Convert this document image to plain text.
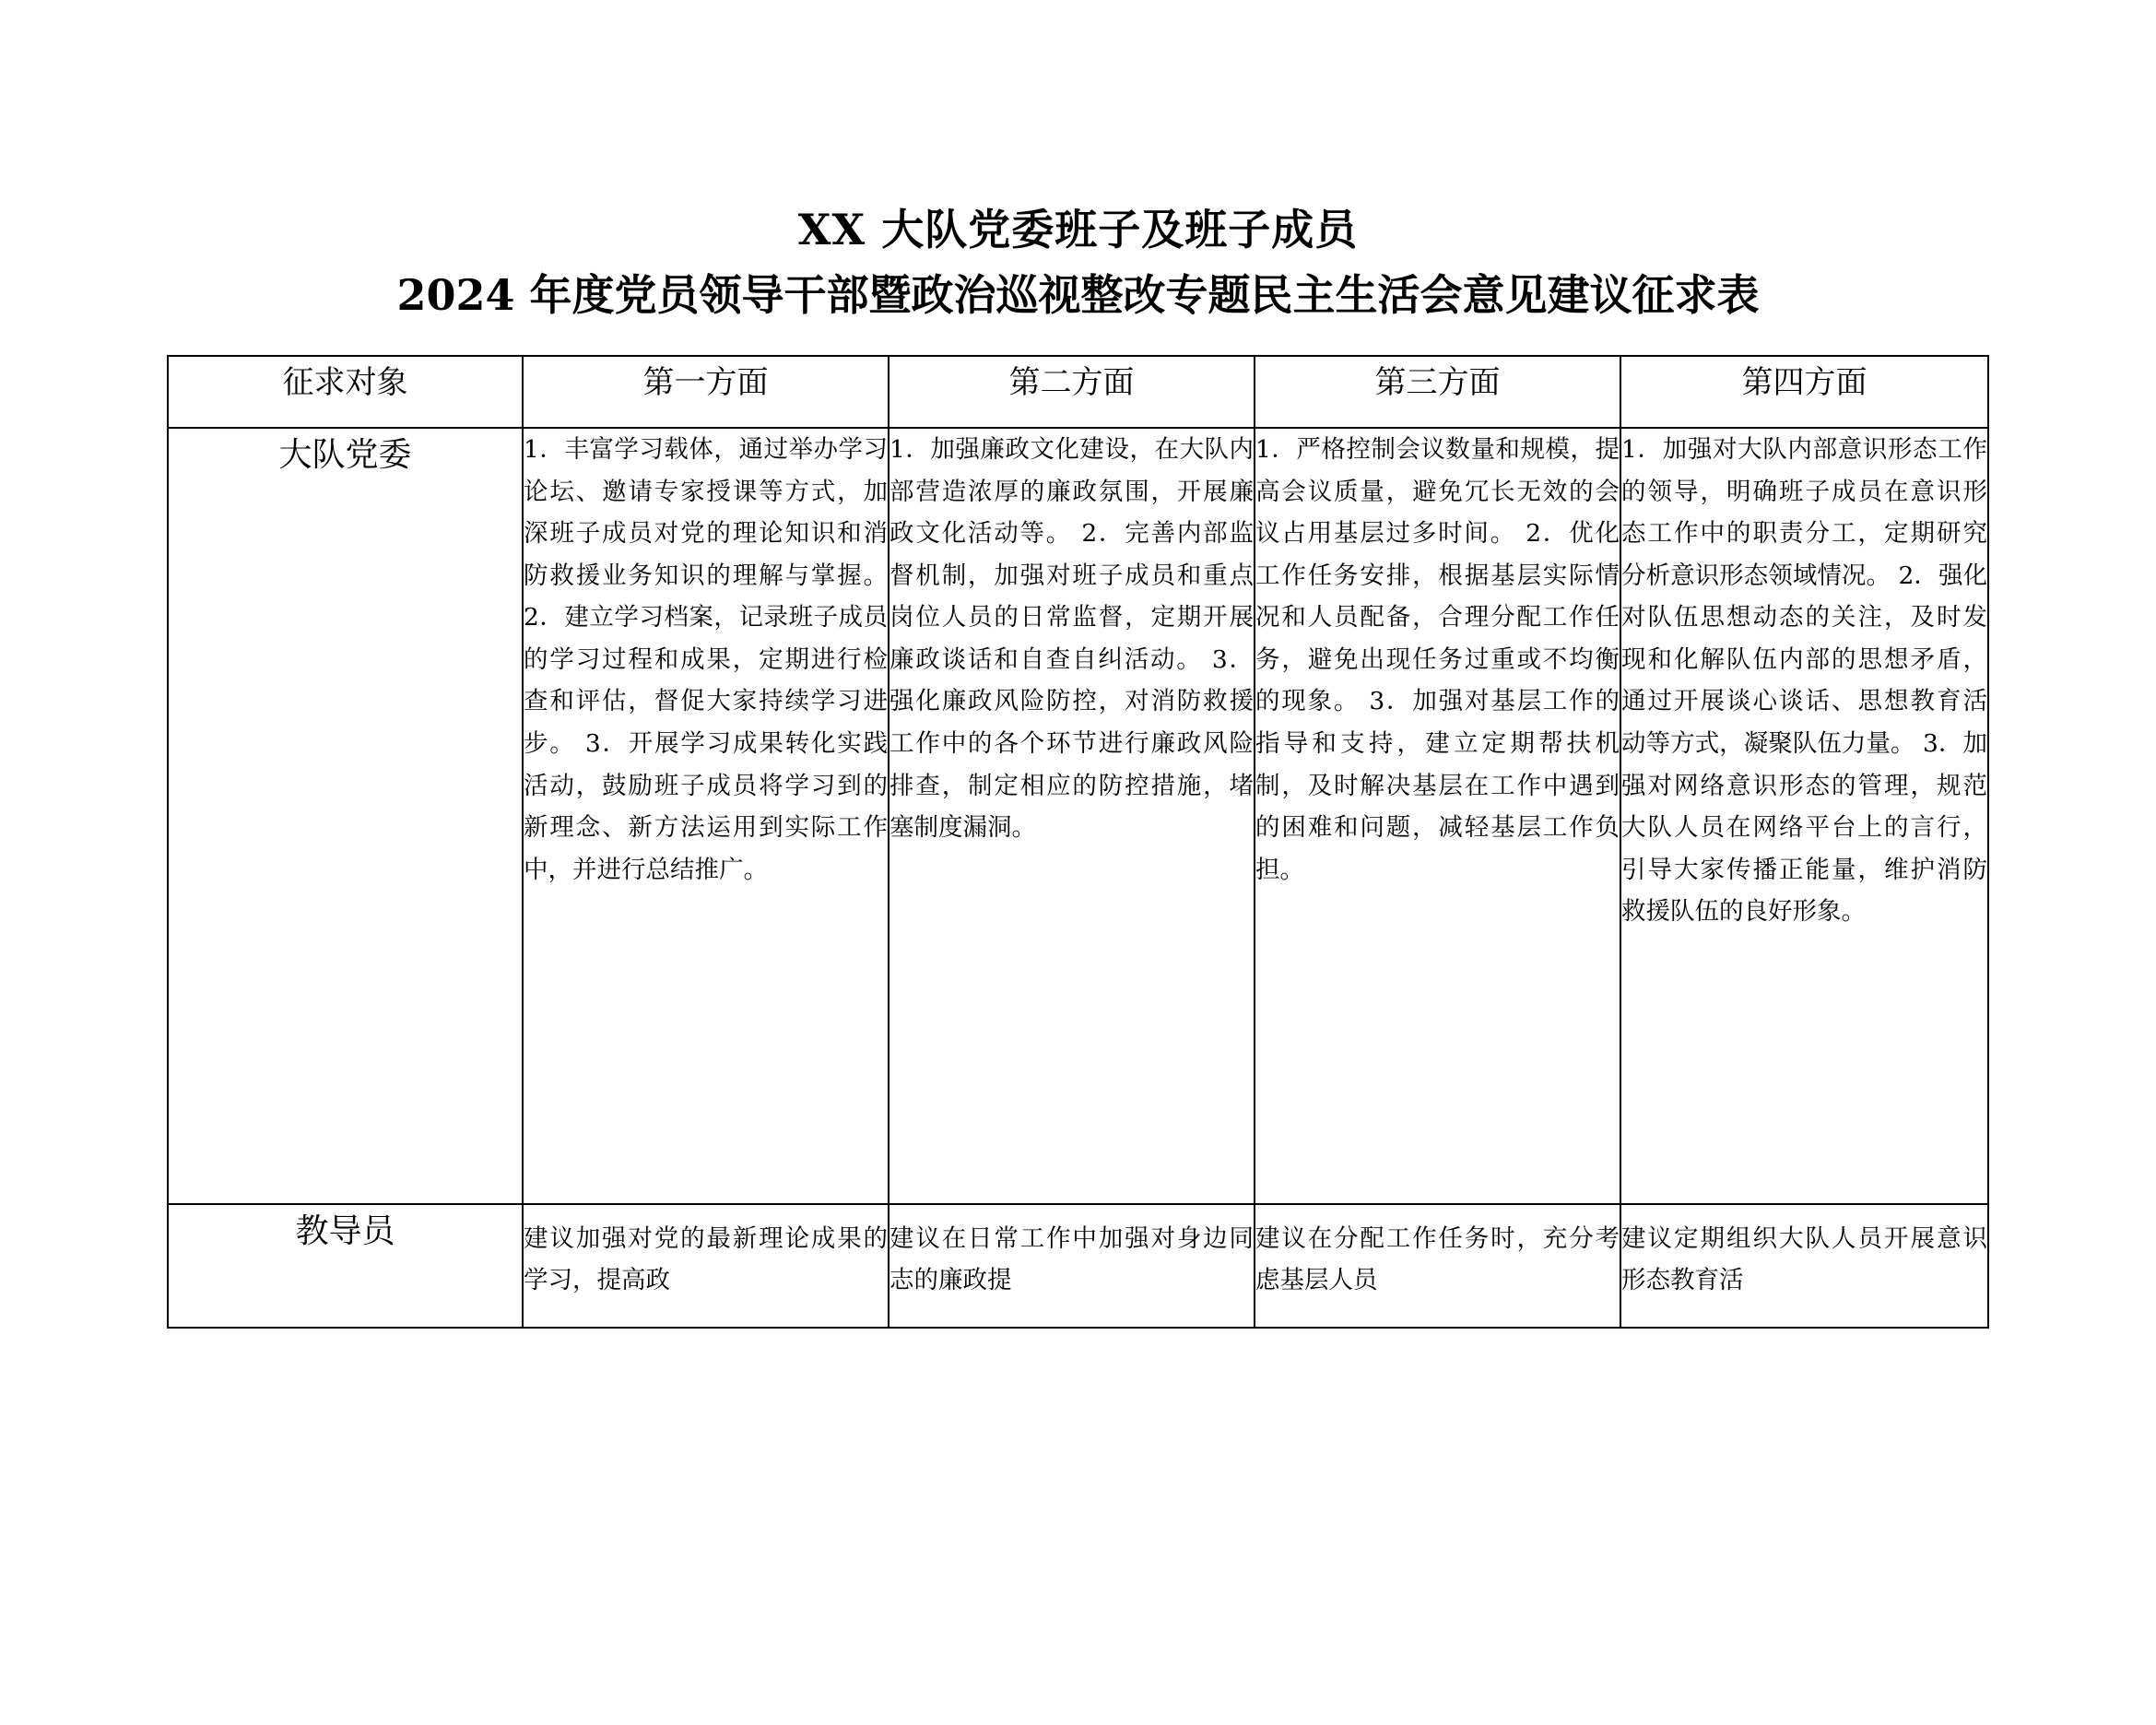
XX 大队党委班子及班子成员
2024 年度党员领导干部暨政治巡视整改专题民主生活会意见建议征求表
征求对象	第一方面	第二方面	第三方面	第四方面
大队党委	1．丰富学习载体，通过举办学习论坛、邀请专家授课等方式，加深班子成员对党的理论知识和消防救援业务知识的理解与掌握。 2．建立学习档案，记录班子成员的学习过程和成果，定期进行检查和评估，督促大家持续学习进步。 3．开展学习成果转化实践活动，鼓励班子成员将学习到的新理念、新方法运用到实际工作中，并进行总结推广。	1．加强廉政文化建设，在大队内部营造浓厚的廉政氛围，开展廉政文化活动等。 2．完善内部监督机制，加强对班子成员和重点岗位人员的日常监督，定期开展廉政谈话和自查自纠活动。 3．强化廉政风险防控，对消防救援工作中的各个环节进行廉政风险排查，制定相应的防控措施，堵塞制度漏洞。	1．严格控制会议数量和规模，提高会议质量，避免冗长无效的会议占用基层过多时间。 2．优化工作任务安排，根据基层实际情况和人员配备，合理分配工作任务，避免出现任务过重或不均衡的现象。 3．加强对基层工作的指导和支持，建立定期帮扶机制，及时解决基层在工作中遇到的困难和问题，减轻基层工作负担。	1．加强对大队内部意识形态工作的领导，明确班子成员在意识形态工作中的职责分工，定期研究分析意识形态领域情况。 2．强化对队伍思想动态的关注，及时发现和化解队伍内部的思想矛盾，通过开展谈心谈话、思想教育活动等方式，凝聚队伍力量。 3．加强对网络意识形态的管理，规范大队人员在网络平台上的言行，引导大家传播正能量，维护消防救援队伍的良好形象。
教导员	建议加强对党的最新理论成果的学习，提高政	建议在日常工作中加强对身边同志的廉政提	建议在分配工作任务时，充分考虑基层人员	建议定期组织大队人员开展意识形态教育活
